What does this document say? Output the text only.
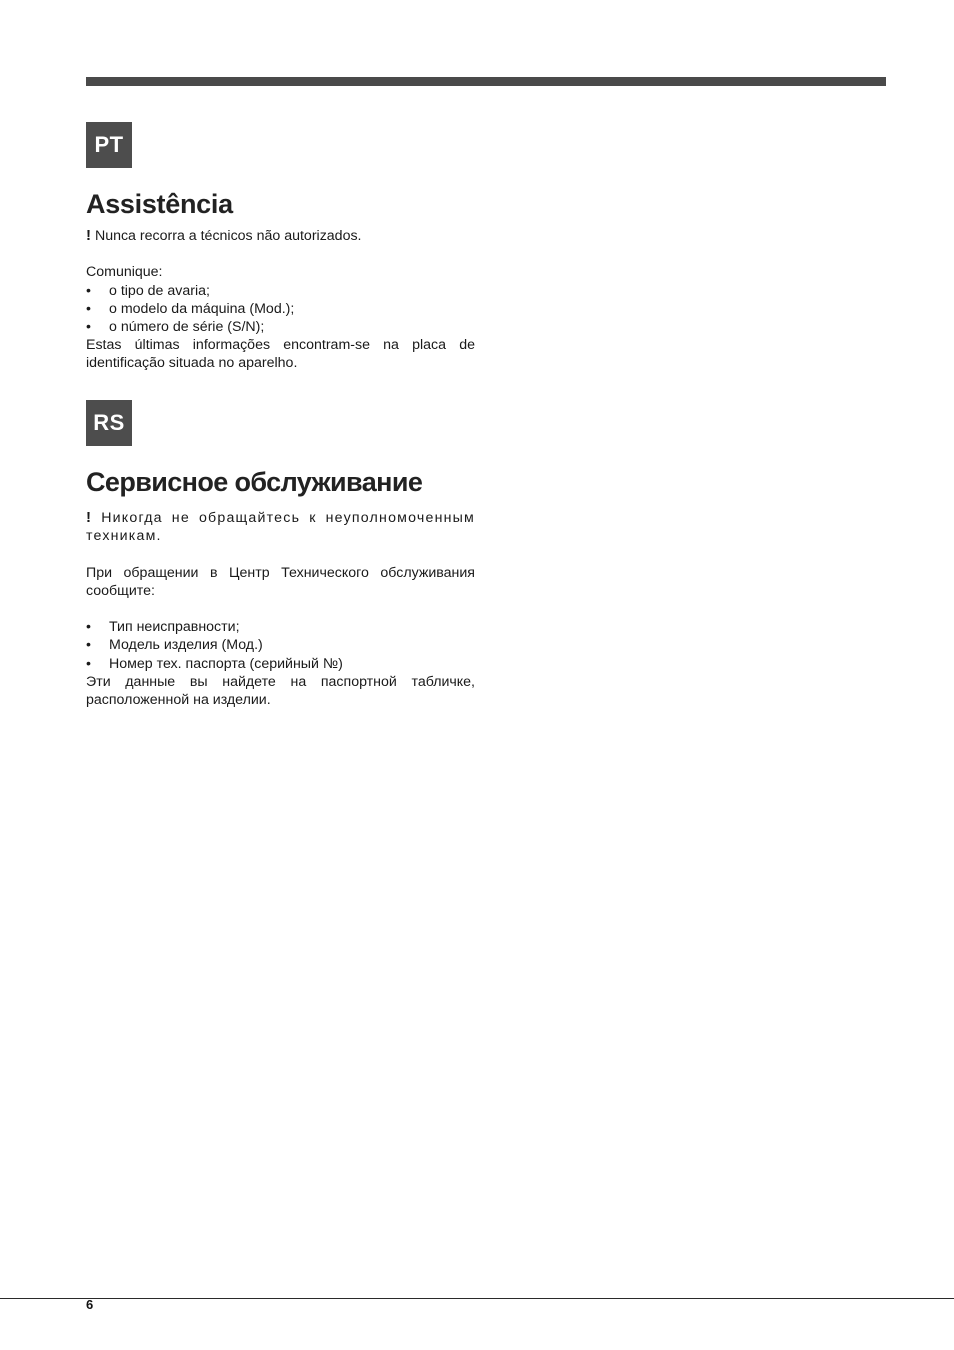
PT
Assistência

! Nunca recorra a técnicos não autorizados.

Comunique:

• o tipo de avaria;
• o modelo da máquina (Mod.);
• o número de série (S/N);

Estas últimas informações encontram-se na placa de identificação situada no aparelho.

RS
Сервисное обслуживание

! Никогда не обращайтесь к неуполномоченным техникам.

При обращении в Центр Технического обслуживания сообщите:

• Тип неисправности;
• Модель изделия (Мод.)
• Номер тех. паспорта (серийный №)

Эти данные вы найдете на паспортной табличке, расположенной на изделии.

6
